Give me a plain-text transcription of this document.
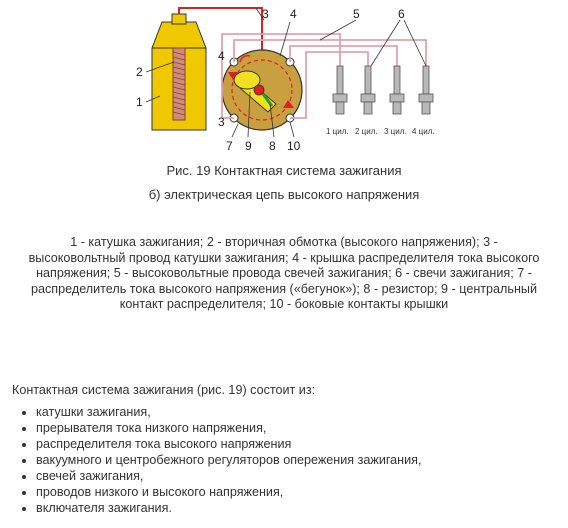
1 цил. 2 цил. 3 цил. 4 цил.
1
2
3 4
4
3
5	6
7 9 8 10
Рис. 19 Контактная система зажигания
б) электрическая цепь высокого напряжения
1 - катушка зажигания; 2 - вторичная обмотка (высокого напряжения); 3 - высоковольтный провод катушки зажигания; 4 - крышка распределителя тока высокого напряжения; 5 - высоковольтные провода свечей зажигания; 6 - свечи зажигания; 7 - распределитель тока высокого напряжения («бегунок»); 8 - резистор; 9 - центральный контакт распределителя; 10 - боковые контакты крышки
Контактная система зажигания (рис. 19) состоит из:
• катушки зажигания,
• прерывателя тока низкого напряжения,
• распределителя тока высокого напряжения
• вакуумного и центробежного регуляторов опережения зажигания,
• свечей зажигания,
• проводов низкого и высокого напряжения,
• включателя зажигания.
